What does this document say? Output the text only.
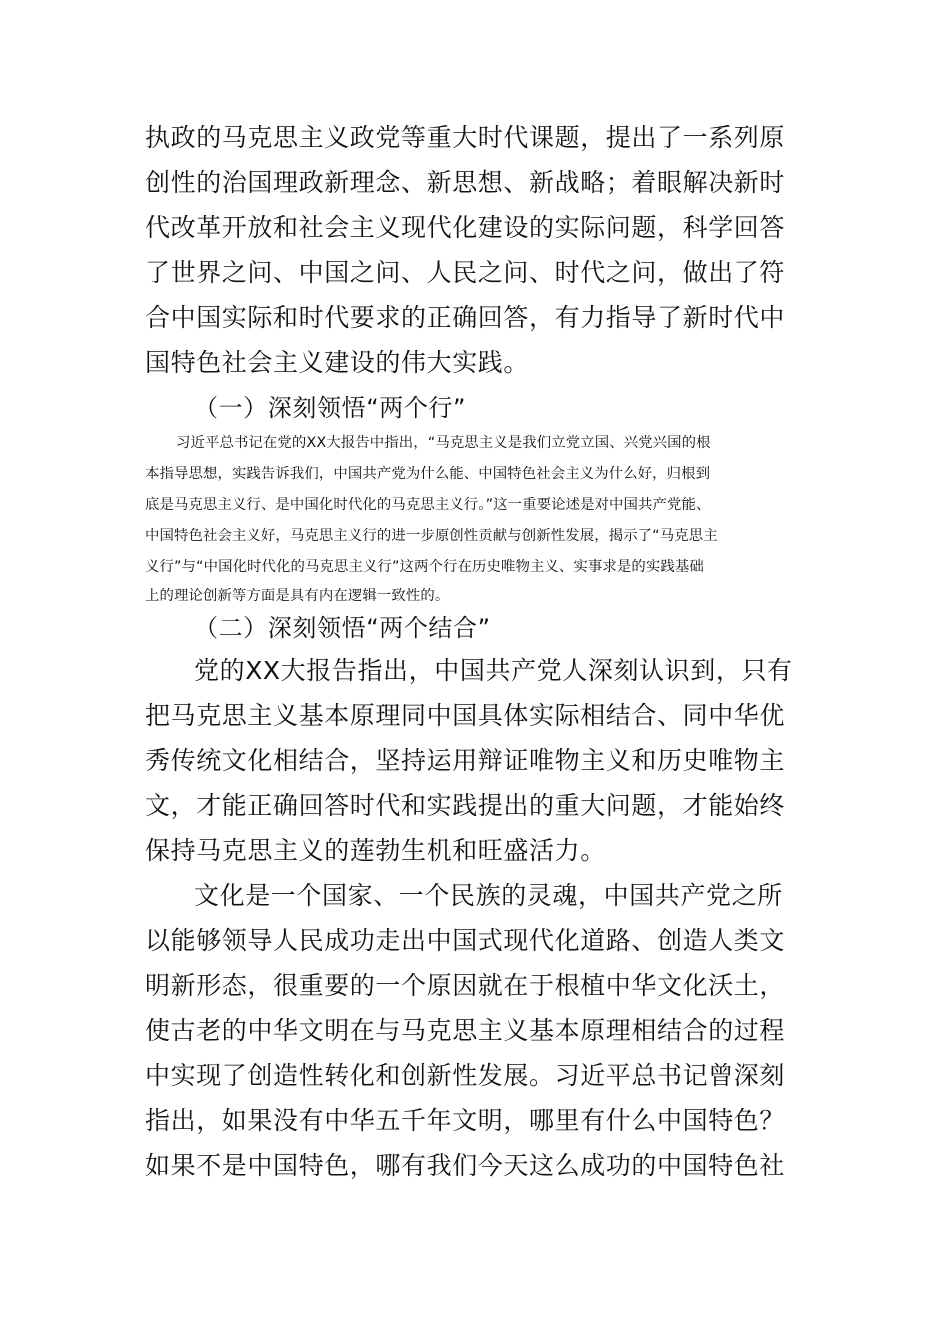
执政的马克思主义政党等重大时代课题，提出了一系列原
创性的治国理政新理念、新思想、新战略；着眼解决新时
代改革开放和社会主义现代化建设的实际问题，科学回答
了世界之问、中国之问、人民之问、时代之问，做出了符
合中国实际和时代要求的正确回答，有力指导了新时代中
国特色社会主义建设的伟大实践。
（一）深刻领悟“两个行”
习近平总书记在党的XX大报告中指出，“马克思主义是我们立党立国、兴党兴国的根
本指导思想，实践告诉我们，中国共产党为什么能、中国特色社会主义为什么好，归根到
底是马克思主义行、是中国化时代化的马克思主义行。”这一重要论述是对中国共产党能、
中国特色社会主义好，马克思主义行的进一步原创性贡献与创新性发展，揭示了“马克思主
义行”与“中国化时代化的马克思主义行”这两个行在历史唯物主义、实事求是的实践基础
上的理论创新等方面是具有内在逻辑一致性的。
（二）深刻领悟“两个结合”
党的XX大报告指出，中国共产党人深刻认识到，只有
把马克思主义基本原理同中国具体实际相结合、同中华优
秀传统文化相结合，坚持运用辩证唯物主义和历史唯物主
文，才能正确回答时代和实践提出的重大问题，才能始终
保持马克思主义的莲勃生机和旺盛活力。
文化是一个国家、一个民族的灵魂，中国共产党之所
以能够领导人民成功走出中国式现代化道路、创造人类文
明新形态，很重要的一个原因就在于根植中华文化沃土，
使古老的中华文明在与马克思主义基本原理相结合的过程
中实现了创造性转化和创新性发展。习近平总书记曾深刻
指出，如果没有中华五千年文明，哪里有什么中国特色？
如果不是中国特色，哪有我们今天这么成功的中国特色社
